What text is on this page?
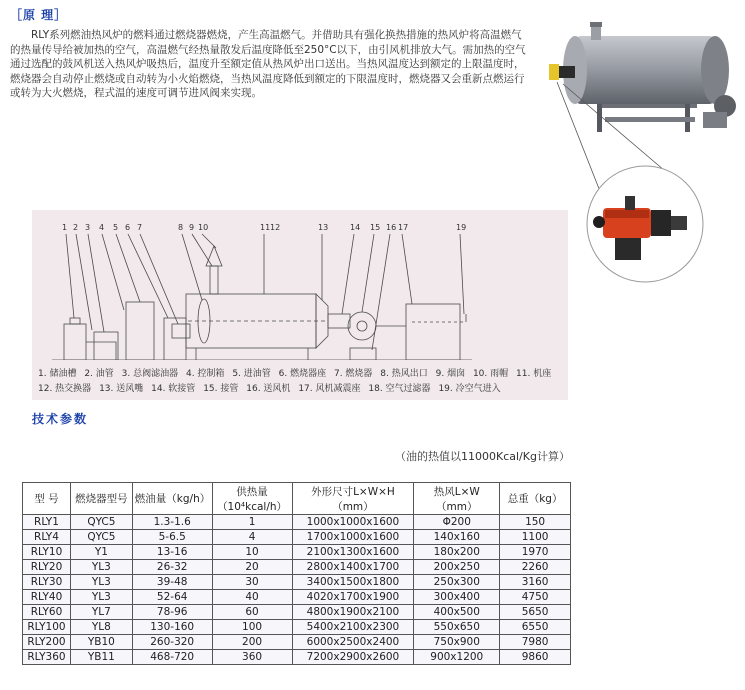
［原 理］
RLY系列燃油热风炉的燃料通过燃烧器燃烧，产生高温燃气。并借助具有强化换热措施的热风炉将高温燃气的热量传导给被加热的空气，高温燃气经热量散发后温度降低至250°C以下，由引风机排放大气。需加热的空气通过选配的鼓风机送入热风炉吸热后，温度升至额定值从热风炉出口送出。当热风温度达到额定的上限温度时，燃烧器会自动停止燃烧或自动转为小火焰燃烧，当热风温度降低到额定的下限温度时，燃烧器又会重新点燃运行或转为大火燃烧，程式温的速度可调节进风阀来实现。
1 2 3 4 5 6 7	8 9 10	11 12	13	14 15 16 17	19
1. 储油槽 2. 油管 3. 总阀滤油器 4. 控制箱 5. 进油管 6. 燃烧器座 7. 燃烧器 8. 热风出口 9. 烟囱 10. 雨帽 11. 机座 12. 热交换器 13. 送风嘴 14. 软接管 15. 接管 16. 送风机 17. 风机减震座 18. 空气过滤器 19. 冷空气进入
技术参数
（油的热值以11000Kcal/Kg计算）
型 号	燃烧器型号	燃油量（kg/h）	供热量（10⁴kcal/h）	外形尺寸L×W×H（mm）	热风L×W（mm）	总重（kg）
RLY1	QYC5	1.3-1.6	1	1000x1000x1600	Φ200	150
RLY4	QYC5	5-6.5	4	1700x1000x1600	140x160	1100
RLY10	Y1	13-16	10	2100x1300x1600	180x200	1970
RLY20	YL3	26-32	20	2800x1400x1700	200x250	2260
RLY30	YL3	39-48	30	3400x1500x1800	250x300	3160
RLY40	YL3	52-64	40	4020x1700x1900	300x400	4750
RLY60	YL7	78-96	60	4800x1900x2100	400x500	5650
RLY100	YL8	130-160	100	5400x2100x2300	550x650	6550
RLY200	YB10	260-320	200	6000x2500x2400	750x900	7980
RLY360	YB11	468-720	360	7200x2900x2600	900x1200	9860
